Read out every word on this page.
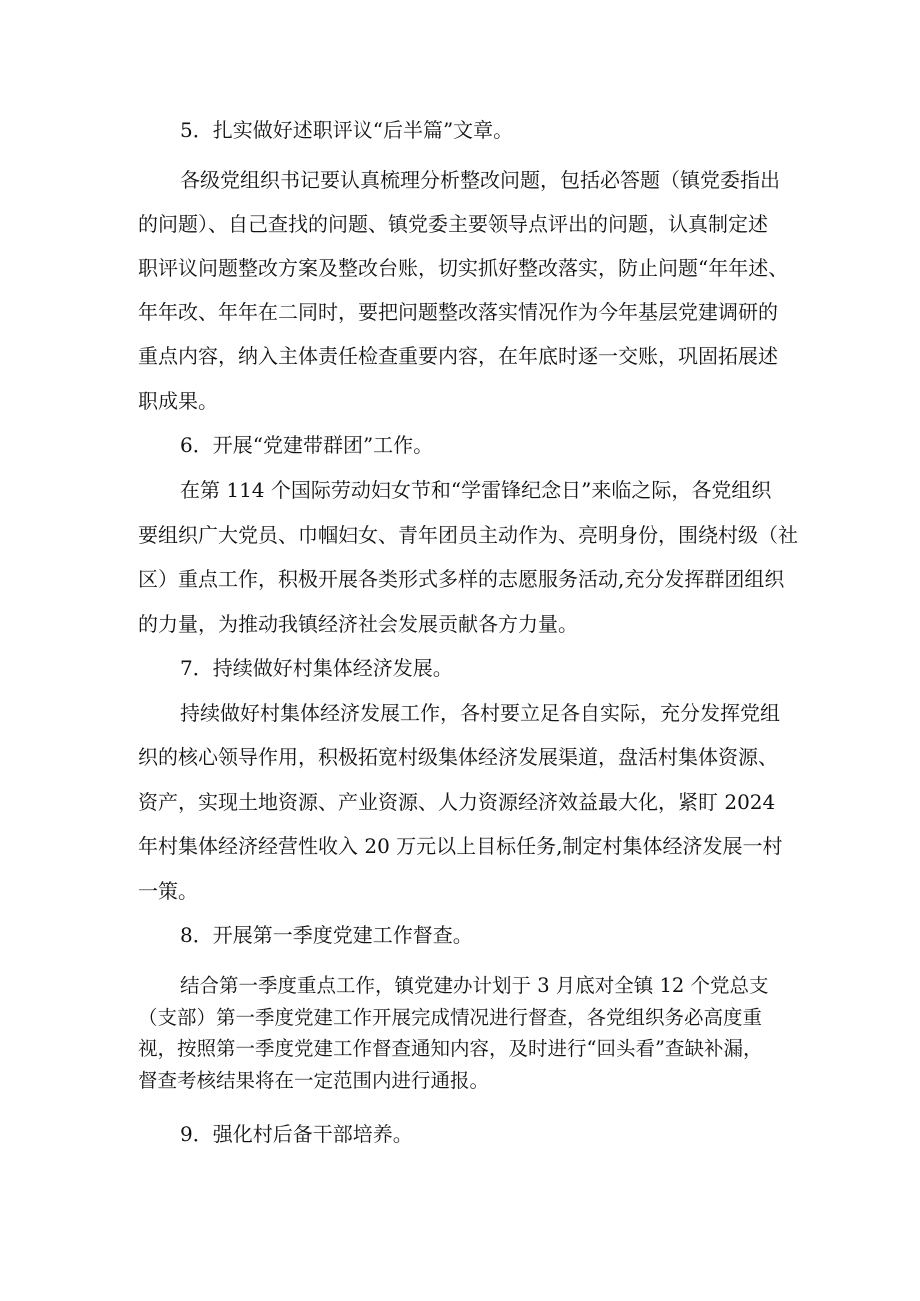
5．扎实做好述职评议“后半篇”文章。
各级党组织书记要认真梳理分析整改问题，包括必答题（镇党委指出
的问题）、自己查找的问题、镇党委主要领导点评出的问题，认真制定述
职评议问题整改方案及整改台账，切实抓好整改落实，防止问题“年年述、
年年改、年年在二同时，要把问题整改落实情况作为今年基层党建调研的
重点内容，纳入主体责任检查重要内容，在年底时逐一交账，巩固拓展述
职成果。
6．开展“党建带群团”工作。
在第 114 个国际劳动妇女节和“学雷锋纪念日”来临之际，各党组织
要组织广大党员、巾帼妇女、青年团员主动作为、亮明身份，围绕村级（社
区）重点工作，积极开展各类形式多样的志愿服务活动,充分发挥群团组织
的力量，为推动我镇经济社会发展贡献各方力量。
7．持续做好村集体经济发展。
持续做好村集体经济发展工作，各村要立足各自实际，充分发挥党组
织的核心领导作用，积极拓宽村级集体经济发展渠道，盘活村集体资源、
资产，实现土地资源、产业资源、人力资源经济效益最大化，紧盯 2024
年村集体经济经营性收入 20 万元以上目标任务,制定村集体经济发展一村
一策。
8．开展第一季度党建工作督查。
结合第一季度重点工作，镇党建办计划于 3 月底对全镇 12 个党总支
（支部）第一季度党建工作开展完成情况进行督查，各党组织务必高度重
视，按照第一季度党建工作督查通知内容，及时进行“回头看”查缺补漏，
督查考核结果将在一定范围内进行通报。
9．强化村后备干部培养。
